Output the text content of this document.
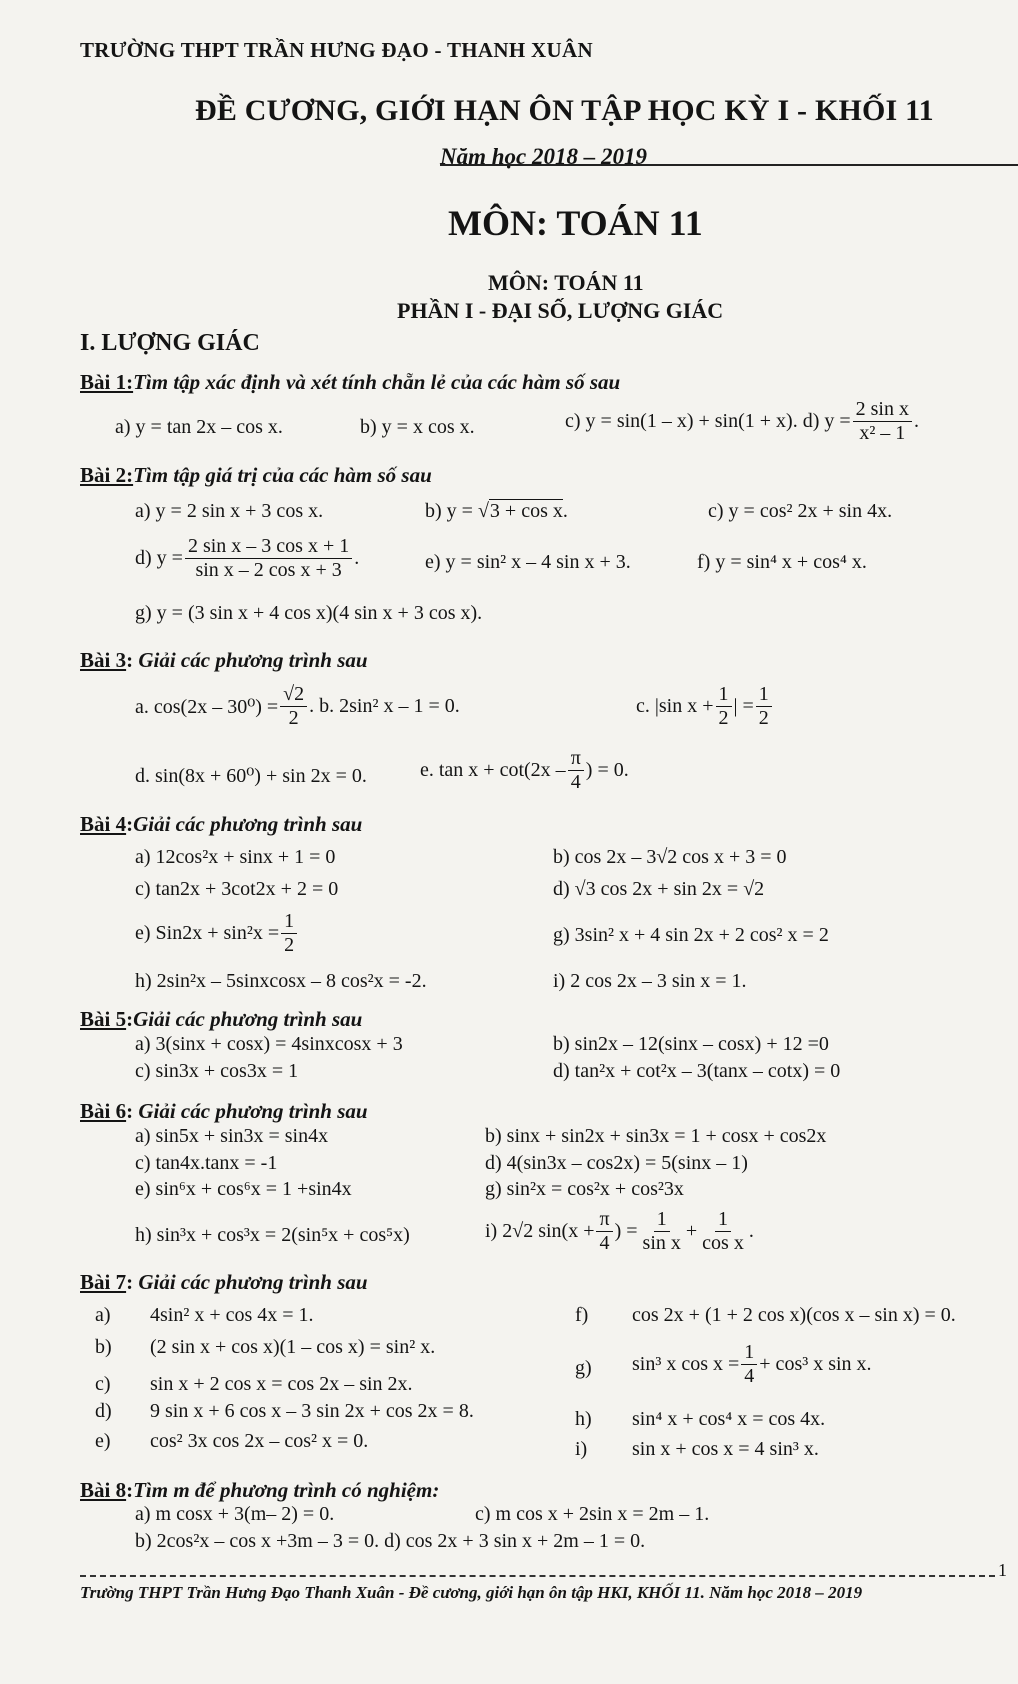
TRƯỜNG THPT TRẦN HƯNG ĐẠO - THANH XUÂN
ĐỀ CƯƠNG, GIỚI HẠN ÔN TẬP HỌC KỲ I - KHỐI 11
Năm học 2018 – 2019
MÔN: TOÁN 11
MÔN: TOÁN 11
PHẦN I - ĐẠI SỐ, LƯỢNG GIÁC
I. LƯỢNG GIÁC
Bài 1:Tìm tập xác định và xét tính chẵn lẻ của các hàm số sau
a) y = tan 2x – cos x.	b) y = x cos x.	c) y = sin(1 – x) + sin(1 + x). d) $y = \frac{\text{2 sin x}}{\text{x² – 1}}$ .
Bài 2:Tìm tập giá trị của các hàm số sau
a) y = 2 sin x + 3 cos x.	b) y = √3 + cos x.	c) y = cos² 2x + sin 4x.
d) $y = \frac{\text{2 sin x – 3 cos x + 1}}{\text{sin x – 2 cos x + 3}}$ .	e) y = sin² x – 4 sin x + 3.	f) y = sin⁴ x + cos⁴ x.
g) y = (3 sin x + 4 cos x)(4 sin x + 3 cos x).
Bài 3: Giải các phương trình sau
a. $\cos(2x - 30^0) = \frac{√2}{2}$ . b. 2sin² x – 1 = 0.	c. |sin $x + \frac{1}{2}$ | = $\frac{1}{2}$
d. sin(8x + 60⁰) + sin 2x = 0.	e. $\tan x + \cot(2x - \frac{\pi}{4}$ ) = 0.
Bài 4:Giải các phương trình sau
a) 12cos²x + sinx + 1 = 0	b) cos 2x – 3√2 cos x + 3 = 0
c) tan2x + 3cot2x + 2 = 0	d) √3 cos 2x + sin 2x = √2
e) $Sin2x + \sin^2x = \frac{1}{2}$	g) 3sin² x + 4 sin 2x + 2 cos² x = 2
h) 2sin²x – 5sinxcosx – 8 cos²x = -2.	i) 2 cos 2x – 3 sin x = 1.
Bài 5:Giải các phương trình sau
a) 3(sinx + cosx) = 4sinxcosx + 3	b) sin2x – 12(sinx – cosx) + 12 =0
c) sin3x + cos3x = 1	d) tan²x + cot²x – 3(tanx – cotx) = 0
Bài 6: Giải các phương trình sau
a) sin5x + sin3x = sin4x	b) sinx + sin2x + sin3x = 1 + cosx + cos2x
c) tan4x.tanx = -1	d) 4(sin3x – cos2x) = 5(sinx – 1)
e) sin⁶x + cos⁶x = 1 +sin4x	g) sin²x = cos²x + cos²3x
h) sin³x + cos³x = 2(sin⁵x + cos⁵x)	i) 2√2 $\sin(x + \frac{\pi}{4}$ ) = $\frac{1}{\text{sin x}} + \frac{1}{\text{cos x}}$ .
Bài 7: Giải các phương trình sau
a) 4sin² x + cos 4x = 1.
b) (2 sin x + cos x)(1 – cos x) = sin² x.
c) sin x + 2 cos x = cos 2x – sin 2x.
d) 9 sin x + 6 cos x – 3 sin 2x + cos 2x = 8.
e) cos² 3x cos 2x – cos² x = 0.
f) cos 2x + (1 + 2 cos x)(cos x – sin x) = 0.
g) sin³ x $\cos x = \frac{1}{4} + \cos^3$ x sin x.
h) sin⁴ x + cos⁴ x = cos 4x.
i) sin x + cos x = 4 sin³ x.
Bài 8:Tìm m để phương trình có nghiệm:
a) m cosx + 3(m– 2) = 0.	c) m cos x + 2sin x = 2m – 1.
b) 2cos²x – cos x +3m – 3 = 0. d) cos 2x + 3 sin x + 2m – 1 = 0.
1
Trường THPT Trần Hưng Đạo Thanh Xuân - Đề cương, giới hạn ôn tập HKI, KHỐI 11. Năm học 2018 – 2019
